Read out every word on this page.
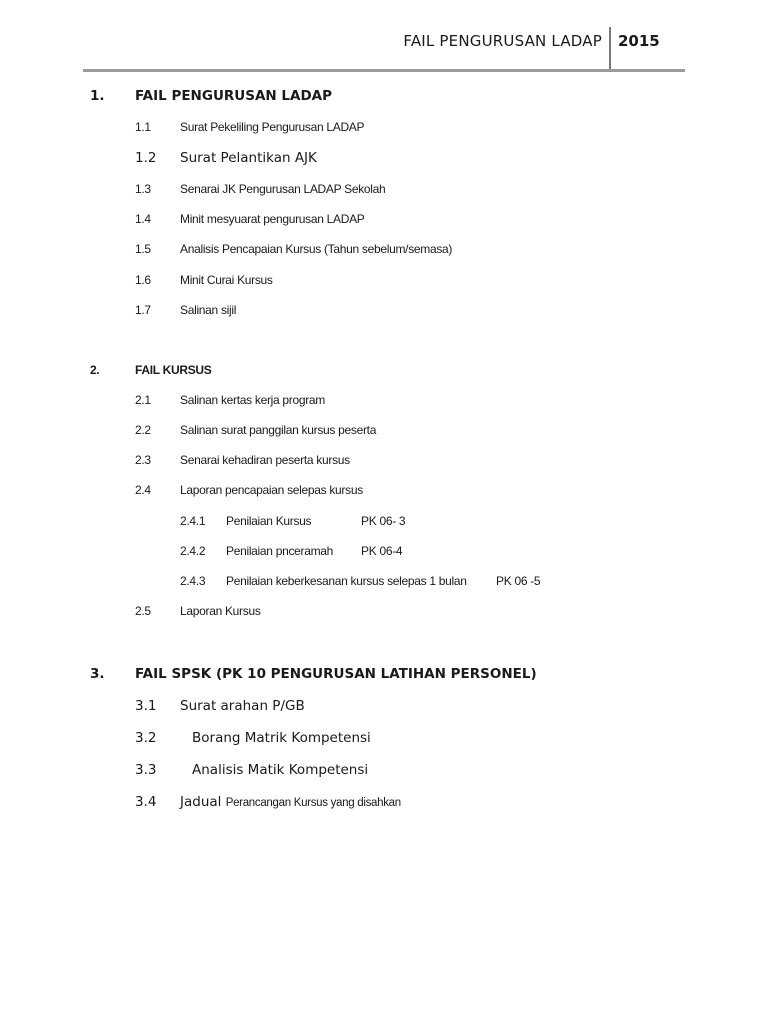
FAIL PENGURUSAN LADAP 2015
1. FAIL PENGURUSAN LADAP
1.1 Surat Pekeliling Pengurusan LADAP
1.2 Surat Pelantikan AJK
1.3 Senarai JK Pengurusan LADAP Sekolah
1.4 Minit mesyuarat pengurusan LADAP
1.5 Analisis Pencapaian Kursus (Tahun sebelum/semasa)
1.6 Minit Curai Kursus
1.7 Salinan sijil
2.	FAIL KURSUS
2.1 Salinan kertas kerja program
2.2 Salinan surat panggilan kursus peserta
2.3 Senarai kehadiran peserta kursus
2.4 Laporan pencapaian selepas kursus
2.4.1 Penilaian Kursus	PK 06- 3
2.4.2 Penilaian pnceramah PK 06-4
2.4.3 Penilaian keberkesanan kursus selepas 1 bulan PK 06 -5
2.5 Laporan Kursus
3. FAIL SPSK (PK 10 PENGURUSAN LATIHAN PERSONEL)
3.1 Surat arahan P/GB
3.2	Borang Matrik Kompetensi
3.3	Analisis Matik Kompetensi
3.4 Jadual Perancangan Kursus yang disahkan
